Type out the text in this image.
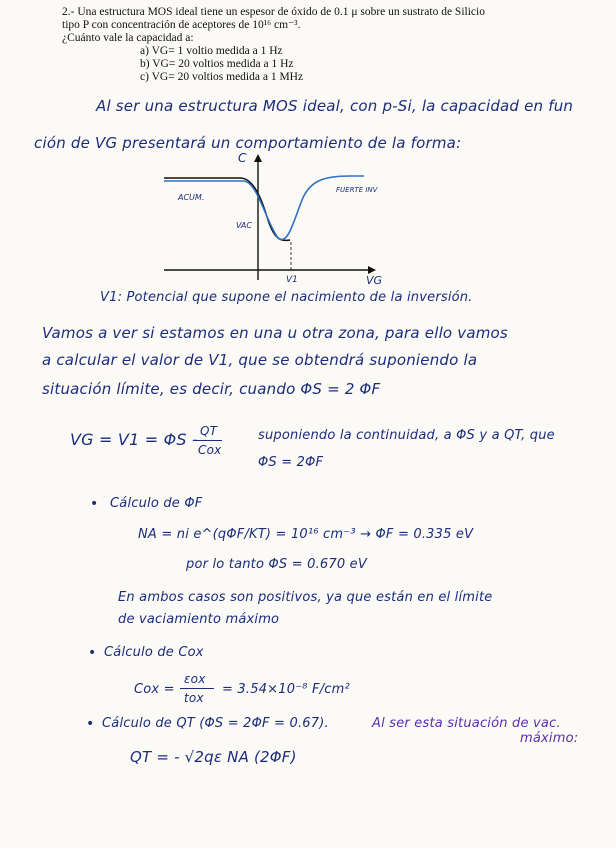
2.- Una estructura MOS ideal tiene un espesor de óxido de 0.1 μ sobre un sustrato de Silicio
tipo P con concentración de aceptores de 10¹⁶ cm⁻³.
¿Cuánto vale la capacidad a:
a) VG= 1 voltio medida a 1 Hz
b) VG= 20 voltios medida a 1 Hz
c) VG= 20 voltios medida a 1 MHz
Al ser una estructura MOS ideal, con p-Si, la capacidad en fun
ción de VG presentará un comportamiento de la forma:
C
VG
ACUM.
FUERTE INV
VAC
V1
V1: Potencial que supone el nacimiento de la inversión.
Vamos a ver si estamos en una u otra zona, para ello vamos
a calcular el valor de V1, que se obtendrá suponiendo la
situación límite, es decir, cuando ΦS = 2 ΦF
VG = V1 = ΦS - QT
Cox
suponiendo la continuidad, a ΦS y a QT, que
ΦS = 2ΦF
• Cálculo de ΦF
NA = ni e^(qΦF/KT) = 10¹⁶ cm⁻³ → ΦF = 0.335 eV
por lo tanto ΦS = 0.670 eV
En ambos casos son positivos, ya que están en el límite
de vaciamiento máximo
• Cálculo de Cox
Cox =
εox
tox
= 3.54×10⁻⁸ F/cm²
• Cálculo de QT (ΦS = 2ΦF = 0.67).	Al ser esta situación de vac.
máximo:
QT = - √2qε NA (2ΦF)
